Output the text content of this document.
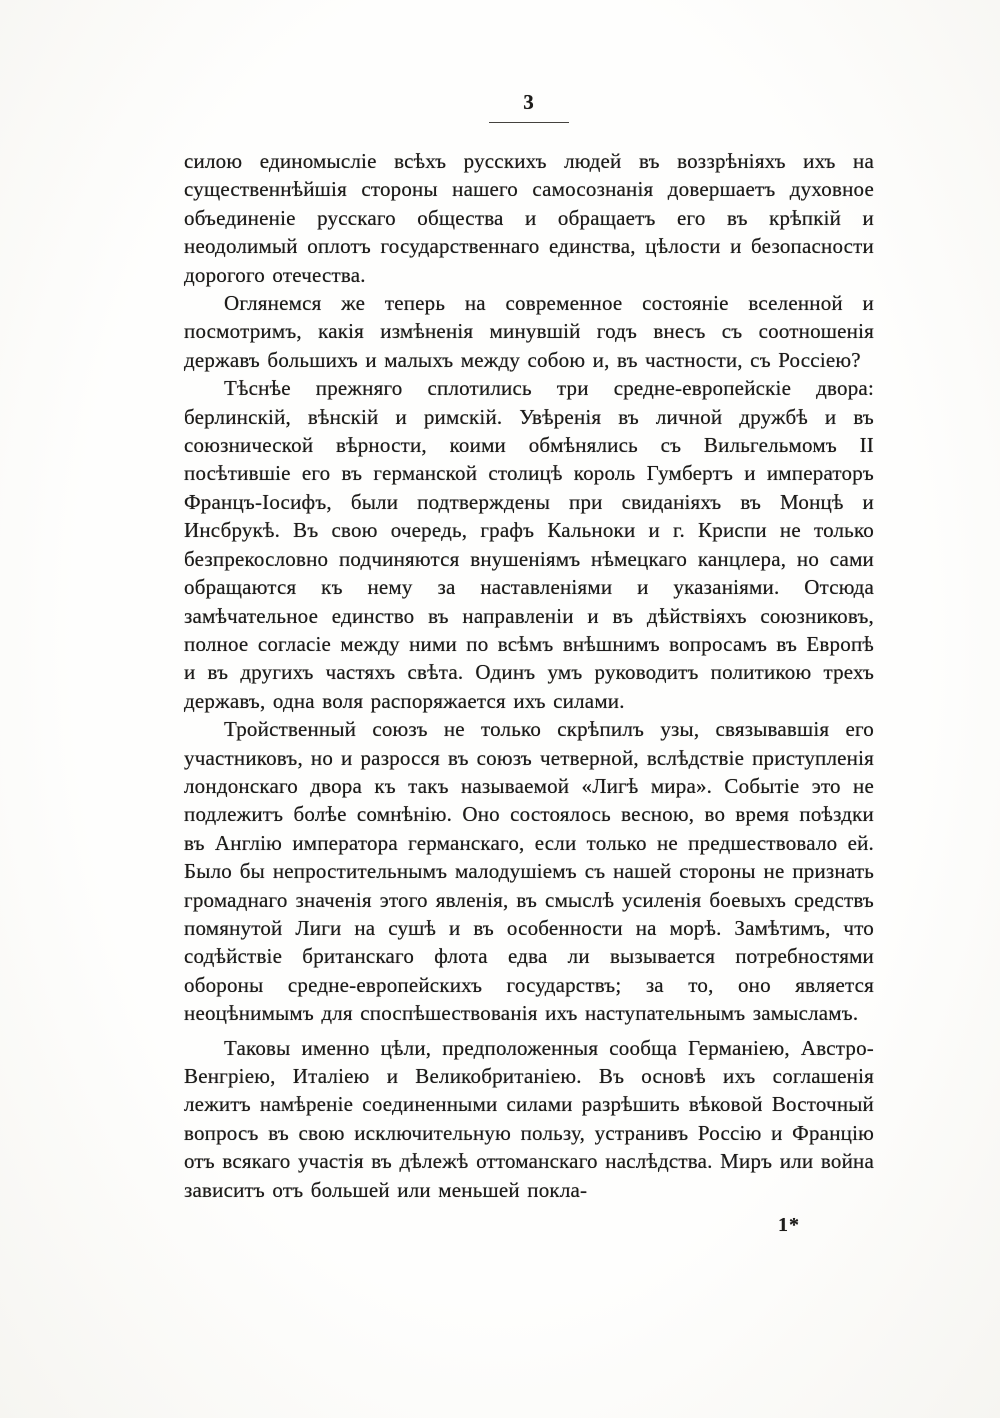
3

силою единомысліе всѣхъ русскихъ людей въ воззрѣніяхъ ихъ на существеннѣйшія стороны нашего самосознанія довершаетъ духовное объединеніе русскаго общества и обращаетъ его въ крѣпкій и неодолимый оплотъ государственнаго единства, цѣлости и безопасности дорогого отечества.

Оглянемся же теперь на современное состояніе вселенной и посмотримъ, какія измѣненія минувшій годъ внесъ съ соотношенія державъ большихъ и малыхъ между собою и, въ частности, съ Россіею?

Тѣснѣе прежняго сплотились три средне-европейскіе двора: берлинскій, вѣнскій и римскій. Увѣренія въ личной дружбѣ и въ союзнической вѣрности, коими обмѣнялись съ Вильгельмомъ II посѣтившіе его въ германской столицѣ король Гумбертъ и императоръ Францъ-Іосифъ, были подтверждены при свиданіяхъ въ Монцѣ и Инсбрукѣ. Въ свою очередь, графъ Кальноки и г. Криспи не только безпрекословно подчиняются внушеніямъ нѣмецкаго канцлера, но сами обращаются къ нему за наставленіями и указаніями. Отсюда замѣчательное единство въ направленіи и въ дѣйствіяхъ союзниковъ, полное согласіе между ними по всѣмъ внѣшнимъ вопросамъ въ Европѣ и въ другихъ частяхъ свѣта. Одинъ умъ руководитъ политикою трехъ державъ, одна воля распоряжается ихъ силами.

Тройственный союзъ не только скрѣпилъ узы, связывавшія его участниковъ, но и разросся въ союзъ четверной, вслѣдствіе приступленія лондонскаго двора къ такъ называемой «Лигѣ мира». Событіе это не подлежитъ болѣе сомнѣнію. Оно состоялось весною, во время поѣздки въ Англію императора германскаго, если только не предшествовало ей. Было бы непростительнымъ малодушіемъ съ нашей стороны не признать громаднаго значенія этого явленія, въ смыслѣ усиленія боевыхъ средствъ помянутой Лиги на сушѣ и въ особенности на морѣ. Замѣтимъ, что содѣйствіе британскаго флота едва ли вызывается потребностями обороны средне-европейскихъ государствъ; за то, оно является неоцѣнимымъ для споспѣшествованія ихъ наступательнымъ замысламъ.

Таковы именно цѣли, предположенныя сообща Германіею, Австро-Венгріею, Италіею и Великобританіею. Въ основѣ ихъ соглашенія лежитъ намѣреніе соединенными силами разрѣшить вѣковой Восточный вопросъ въ свою исключительную пользу, устранивъ Россію и Францію отъ всякаго участія въ дѣлежѣ оттоманскаго наслѣдства. Миръ или война зависитъ отъ большей или меньшей покла-

1*
